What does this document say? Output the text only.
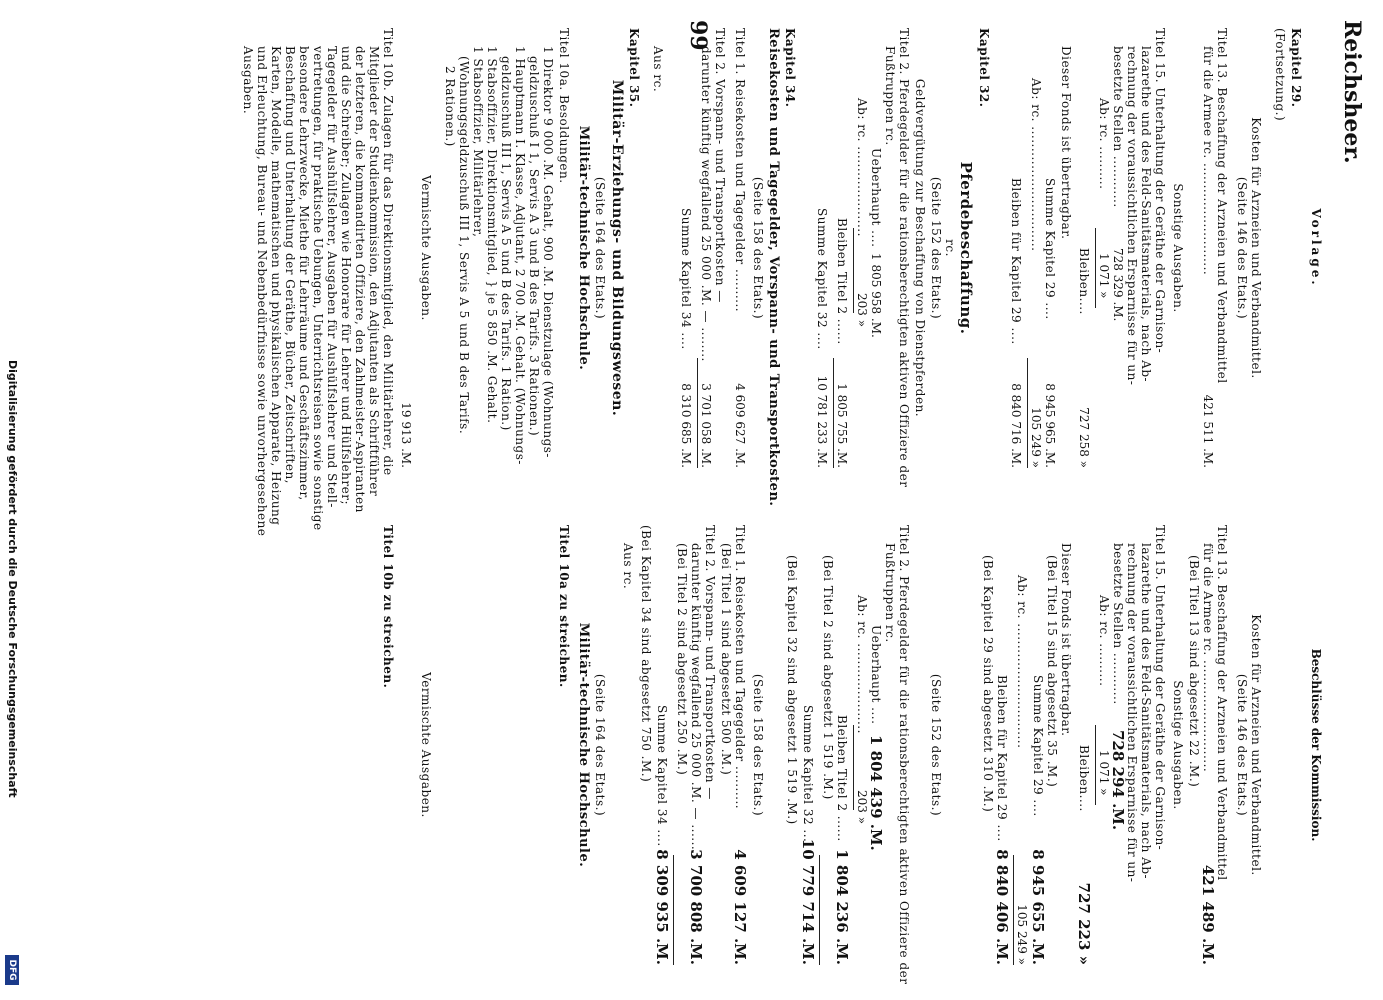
Reichsheer.
99
Vorlage.
Kapitel 29.
(Fortsetzung.)
Kosten für Arzneien und Verbandmittel.
(Seite 146 des Etats.)
Titel 13. Beschaffung der Arzneien und Verbandmittel
für die Armee rc. ..........................
421 511 .M.
Sonstige Ausgaben.
Titel 15. Unterhaltung der Geräthe der Garnison-
lazarethe und des Feld-Sanitätsmaterials, nach Ab-
rechnung der voraussichtlichen Ersparnisse für un-
besetzte Stellen ............
728 329 .M.
Ab: rc. ..........
1 071 »
Bleiben....
727 258 »
Dieser Fonds ist übertragbar.
Summe Kapitel 29 ....
8 945 965 .M.
Ab: rc. .............................
105 249 »
Bleiben für Kapitel 29 ....
8 840 716 .M.
Kapitel 32.
Pferdebeschaffung.
rc.
(Seite 152 des Etats.)
Geldvergütung zur Beschaffung von Dienstpferden.
Titel 2. Pferdegelder für die rationsberechtigten aktiven Offiziere der
Fußtruppen rc.
Ueberhaupt ....
1 805 958 .M.
Ab: rc. .....................
203 »
Bleiben Titel 2 ......
1 805 755 .M.
Summe Kapitel 32 ....
10 781 233 .M.
Kapitel 34.
Reisekosten und Tagegelder, Vorspann- und Transportkosten.
(Seite 158 des Etats.)
Titel 1. Reisekosten und Tagegelder ..........
4 609 627 .M.
Titel 2. Vorspann- und Transportkosten —
darunter künftig wegfallend 25 000 .M. — ........
3 701 058 .M.
Summe Kapitel 34 ....
8 310 685 .M.
Aus rc.
Kapitel 35.
Militär-Erziehungs- und Bildungswesen.
(Seite 164 des Etats.)
Militär-technische Hochschule.
Titel 10a. Besoldungen.
1 Direktor 9 000 .M. Gehalt, 900 .M. Dienstzulage (Wohnungs-
geldzuschuß I 1, Servis A 3 und B des Tarifs. 3 Rationen.)
1 Hauptmann I. Klasse, Adjutant, 2 700 .M. Gehalt. (Wohnungs-
geldzuschuß III 1, Servis A 5 und B des Tarifs. 1 Ration.)
1 Stabsoffizier, Direktionsmitglied, } je 5 850 .M. Gehalt.
1 Stabsoffizier, Militärlehrer,
(Wohnungsgeldzuschuß III 1, Servis A 5 und B des Tarifs.
2 Rationen.)
Vermischte Ausgaben.
19 913 .M.
Titel 10b. Zulagen für das Direktionsmitglied, den Militärlehrer, die
Mitglieder der Studienkommission, den Adjutanten als Schriftführer
der letzteren, die kommandirten Offiziere, den Zahlmeister-Aspiranten
und die Schreiber; Zulagen wie Honorare für Lehrer und Hülfslehrer;
Tagegelder für Aushülfslehrer, Ausgaben für Aushülfslehrer und Stell-
vertretungen, für praktische Uebungen, Unterrichtsreisen sowie sonstige
besondere Lehrzwecke, Miethe für Lehrräume und Geschäftszimmer,
Beschaffung und Unterhaltung der Geräthe, Bücher, Zeitschriften,
Karten, Modelle, mathematischen und physikalischen Apparate, Heizung
und Erleuchtung, Bureau- und Nebenbedürfnisse sowie unvorhergesehene
Ausgaben.
Beschlüsse der Kommission.
Kosten für Arzneien und Verbandmittel.
(Seite 146 des Etats.)
Titel 13. Beschaffung der Arzneien und Verbandmittel
für die Armee rc. ..........................
421 489 .M.
(Bei Titel 13 sind abgesetzt 22 .M.)
Sonstige Ausgaben.
Titel 15. Unterhaltung der Geräthe der Garnison-
lazarethe und des Feld-Sanitätsmaterials, nach Ab-
rechnung der voraussichtlichen Ersparnisse für un-
besetzte Stellen ............
728 294 .M.
Ab: rc. ..........
1 071 »
Bleiben....
727 223 »
Dieser Fonds ist übertragbar.
(Bei Titel 15 sind abgesetzt 35 .M.)
Summe Kapitel 29 ....
8 945 655 .M.
Ab: rc. .............................
105 249 »
Bleiben für Kapitel 29 ....
8 840 406 .M.
(Bei Kapitel 29 sind abgesetzt 310 .M.)
(Seite 152 des Etats.)
Titel 2. Pferdegelder für die rationsberechtigten aktiven Offiziere der
Fußtruppen rc.
Ueberhaupt ....
1 804 439 .M.
Ab: rc. .....................
203 »
Bleiben Titel 2 ......
1 804 236 .M.
(Bei Titel 2 sind abgesetzt 1 519 .M.)
Summe Kapitel 32 ....
10 779 714 .M.
(Bei Kapitel 32 sind abgesetzt 1 519 .M.)
(Seite 158 des Etats.)
Titel 1. Reisekosten und Tagegelder ..........
4 609 127 .M.
(Bei Titel 1 sind abgesetzt 500 .M.)
Titel 2. Vorspann- und Transportkosten —
darunter künftig wegfallend 25 000 .M. — .......
3 700 808 .M.
(Bei Titel 2 sind abgesetzt 250 .M.)
Summe Kapitel 34 ....
8 309 935 .M.
(Bei Kapitel 34 sind abgesetzt 750 .M.)
Aus rc.
(Seite 164 des Etats.)
Militär-technische Hochschule.
Titel 10a zu streichen.
Vermischte Ausgaben.
Titel 10b zu streichen.
Digitalisierung gefördert durch die Deutsche Forschungsgemeinschaft
DFG
